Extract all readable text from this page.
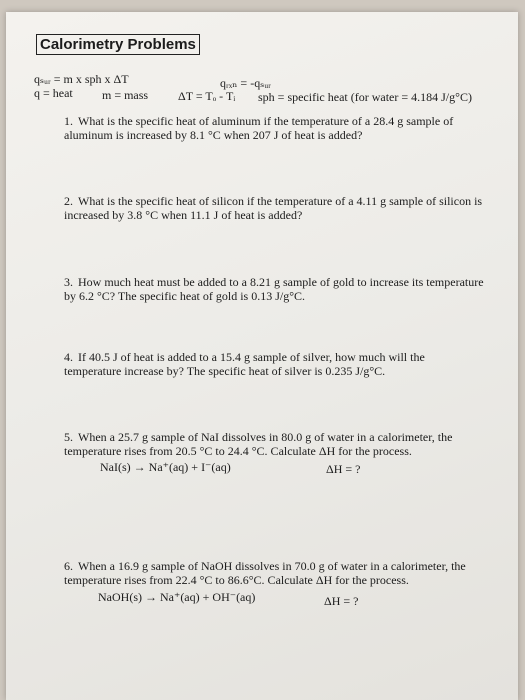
Calorimetry Problems
qₛᵤᵣ = m x sph x ΔT	qᵣₓₙ = -qₛᵤᵣ
q = heat m = mass ΔT = Tₒ - Tᵢ sph = specific heat (for water = 4.184 J/g°C)
1. What is the specific heat of aluminum if the temperature of a 28.4 g sample of aluminum is increased by 8.1 °C when 207 J of heat is added?
2. What is the specific heat of silicon if the temperature of a 4.11 g sample of silicon is increased by 3.8 °C when 11.1 J of heat is added?
3. How much heat must be added to a 8.21 g sample of gold to increase its temperature by 6.2 °C? The specific heat of gold is 0.13 J/g°C.
4. If 40.5 J of heat is added to a 15.4 g sample of silver, how much will the temperature increase by? The specific heat of silver is 0.235 J/g°C.
5. When a 25.7 g sample of NaI dissolves in 80.0 g of water in a calorimeter, the temperature rises from 20.5 °C to 24.4 °C. Calculate ΔH for the process.
NaI(s) → Na⁺(aq) + I⁻(aq)	ΔH = ?
6. When a 16.9 g sample of NaOH dissolves in 70.0 g of water in a calorimeter, the temperature rises from 22.4 °C to 86.6°C. Calculate ΔH for the process.
NaOH(s) → Na⁺(aq) + OH⁻(aq)	ΔH = ?
